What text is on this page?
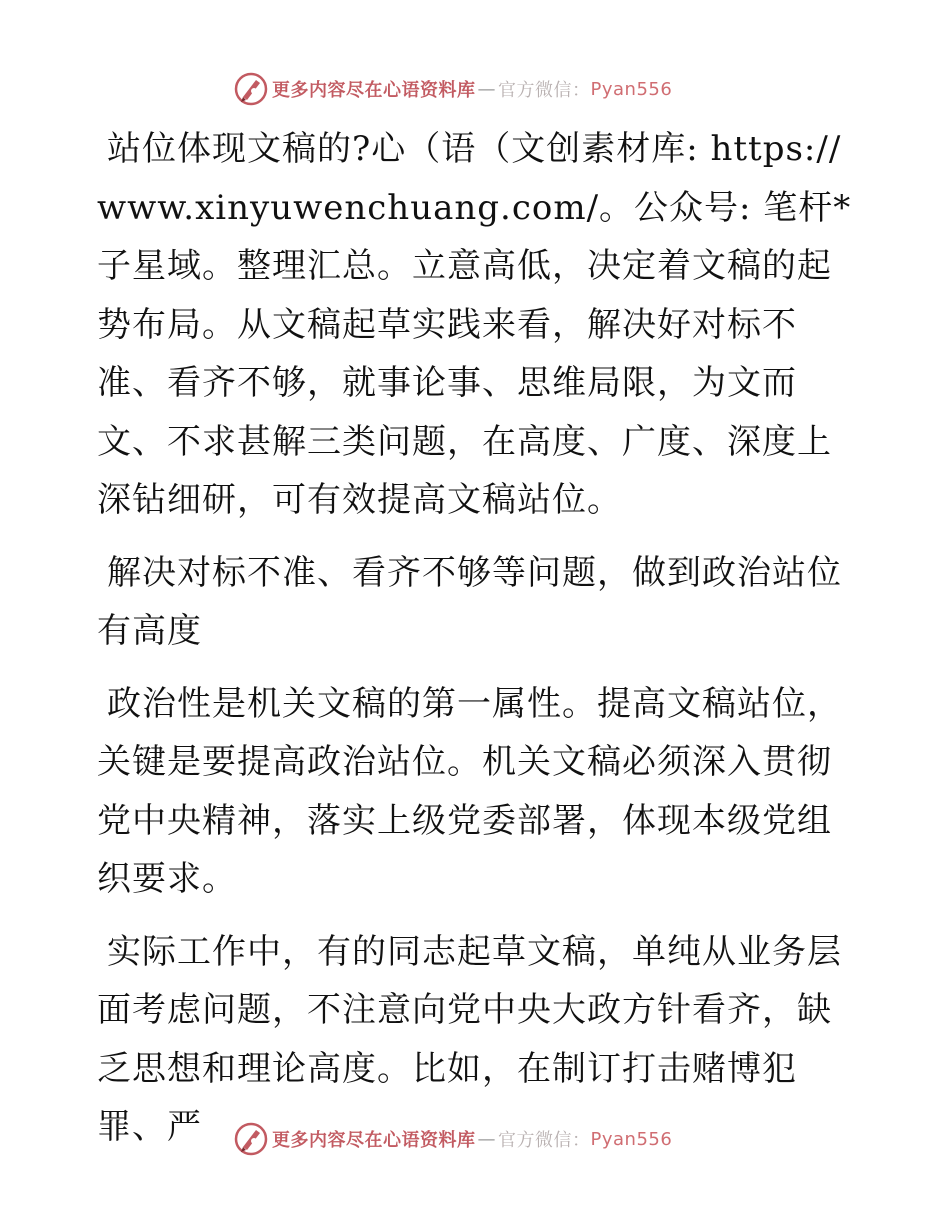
更多内容尽在心语资料库 — 官方微信： Pyan556

站位体现文稿的?心（语（文创素材库: https://www.xinyuwenchuang.com/。公众号: 笔杆*子星域。整理汇总。立意高低，决定着文稿的起势布局。从文稿起草实践来看，解决好对标不准、看齐不够，就事论事、思维局限，为文而文、不求甚解三类问题，在高度、广度、深度上深钻细研，可有效提高文稿站位。

解决对标不准、看齐不够等问题，做到政治站位有高度

政治性是机关文稿的第一属性。提高文稿站位，关键是要提高政治站位。机关文稿必须深入贯彻党中央精神，落实上级党委部署，体现本级党组织要求。

实际工作中，有的同志起草文稿，单纯从业务层面考虑问题，不注意向党中央大政方针看齐，缺乏思想和理论高度。比如，在制订打击赌博犯罪、严	更多内容尽在心语资料库 — 官方微信： Pyan556
